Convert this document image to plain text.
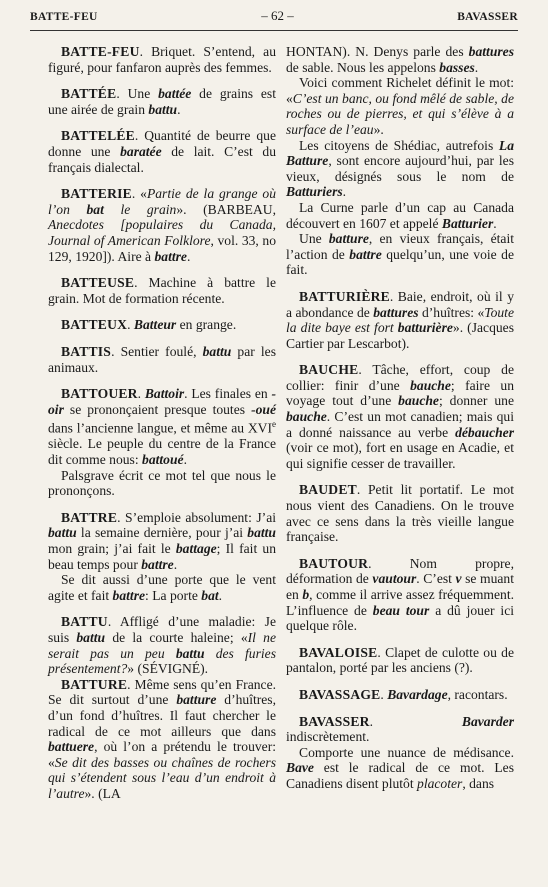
BATTE-FEU	– 62 –	BAVASSER

BATTE-FEU. Briquet. S’entend, au figuré, pour fanfaron auprès des femmes.

BATTÉE. Une battée de grains est une airée de grain battu.

BATTELÉE. Quantité de beurre que donne une baratée de lait. C’est du français dialectal.

BATTERIE. «Partie de la grange où l’on bat le grain». (BARBEAU, Anecdotes [populaires du Canada, Journal of American Folklore, vol. 33, no 129, 1920]). Aire à battre.

BATTEUSE. Machine à battre le grain. Mot de formation récente.

BATTEUX. Batteur en grange.

BATTIS. Sentier foulé, battu par les animaux.

BATTOUER. Battoir. Les finales en -oir se prononçaient presque toutes -oué dans l’ancienne langue, et même au XVIe siècle. Le peuple du centre de la France dit comme nous: battoué.

Palsgrave écrit ce mot tel que nous le prononçons.

BATTRE. S’emploie absolument: J’ai battu la semaine dernière, pour j’ai battu mon grain; j’ai fait le battage; Il fait un beau temps pour battre.

Se dit aussi d’une porte que le vent agite et fait battre: La porte bat.

BATTU. Affligé d’une maladie: Je suis battu de la courte haleine; «Il ne serait pas un peu battu des furies présentement?» (SÉVIGNÉ).

BATTURE. Même sens qu’en France. Se dit surtout d’une batture d’huîtres, d’un fond d’huîtres. Il faut chercher le radical de ce mot ailleurs que dans battuere, où l’on a prétendu le trouver: «Se dit des basses ou chaînes de rochers qui s’étendent sous l’eau d’un endroit à l’autre». (LA

HONTAN). N. Denys parle des battures de sable. Nous les appelons basses.

Voici comment Richelet définit le mot: «C’est un banc, ou fond mêlé de sable, de roches ou de pierres, et qui s’élève à a surface de l’eau».

Les citoyens de Shédiac, autrefois La Batture, sont encore aujourd’hui, par les vieux, désignés sous le nom de Batturiers.

La Curne parle d’un cap au Canada découvert en 1607 et appelé Batturier.

Une batture, en vieux français, était l’action de battre quelqu’un, une voie de fait.

BATTURIÈRE. Baie, endroit, où il y a abondance de battures d’huîtres: «Toute la dite baye est fort batturière». (Jacques Cartier par Lescarbot).

BAUCHE. Tâche, effort, coup de collier: finir d’une bauche; faire un voyage tout d’une bauche; donner une bauche. C’est un mot canadien; mais qui a donné naissance au verbe débaucher (voir ce mot), fort en usage en Acadie, et qui signifie cesser de travailler.

BAUDET. Petit lit portatif. Le mot nous vient des Canadiens. On le trouve avec ce sens dans la très vieille langue française.

BAUTOUR. Nom propre, déformation de vautour. C’est v se muant en b, comme il arrive assez fréquemment. L’influence de beau tour a dû jouer ici quelque rôle.

BAVALOISE. Clapet de culotte ou de pantalon, porté par les anciens (?).

BAVASSAGE. Bavardage, racontars.

BAVASSER. Bavarder indiscrètement.

Comporte une nuance de médisance. Bave est le radical de ce mot. Les Canadiens disent plutôt placoter, dans
